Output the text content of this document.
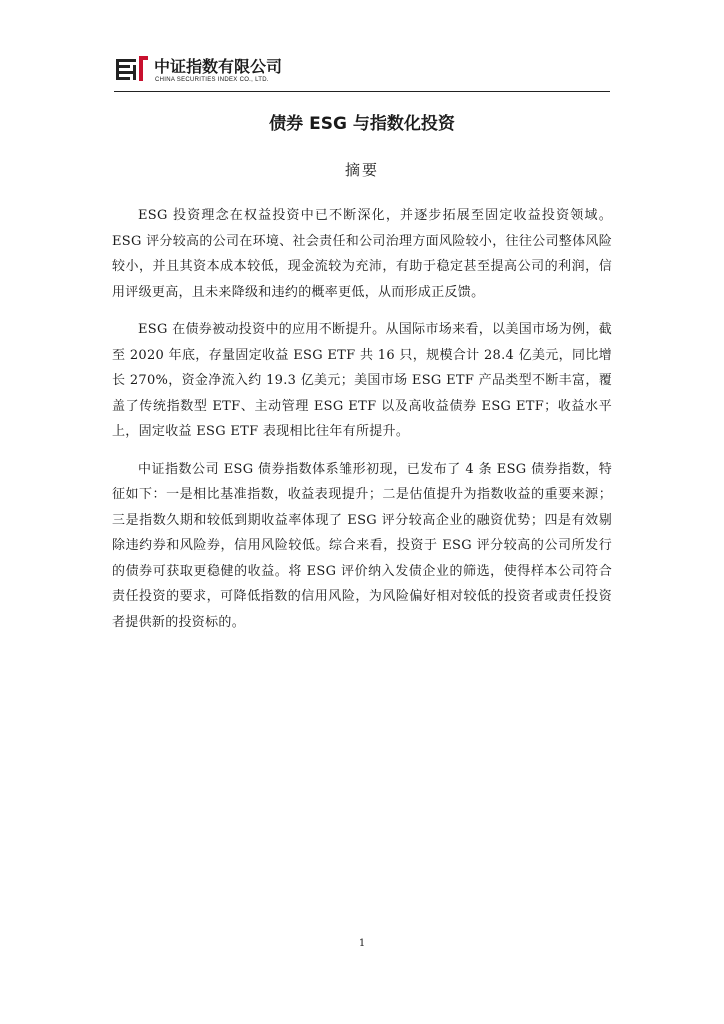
中证指数有限公司
CHINA SECURITIES INDEX CO., LTD.
债券 ESG 与指数化投资
摘要

ESG 投资理念在权益投资中已不断深化，并逐步拓展至固定收益投资领域。ESG 评分较高的公司在环境、社会责任和公司治理方面风险较小，往往公司整体风险较小，并且其资本成本较低，现金流较为充沛，有助于稳定甚至提高公司的利润，信用评级更高，且未来降级和违约的概率更低，从而形成正反馈。

ESG 在债券被动投资中的应用不断提升。从国际市场来看，以美国市场为例，截至 2020 年底，存量固定收益 ESG ETF 共 16 只，规模合计 28.4 亿美元，同比增长 270%，资金净流入约 19.3 亿美元；美国市场 ESG ETF 产品类型不断丰富，覆盖了传统指数型 ETF、主动管理 ESG ETF 以及高收益债券 ESG ETF；收益水平上，固定收益 ESG ETF 表现相比往年有所提升。

中证指数公司 ESG 债券指数体系雏形初现，已发布了 4 条 ESG 债券指数，特征如下：一是相比基准指数，收益表现提升；二是估值提升为指数收益的重要来源；三是指数久期和较低到期收益率体现了 ESG 评分较高企业的融资优势；四是有效剔除违约券和风险券，信用风险较低。综合来看，投资于 ESG 评分较高的公司所发行的债券可获取更稳健的收益。将 ESG 评价纳入发债企业的筛选，使得样本公司符合责任投资的要求，可降低指数的信用风险，为风险偏好相对较低的投资者或责任投资者提供新的投资标的。

1
